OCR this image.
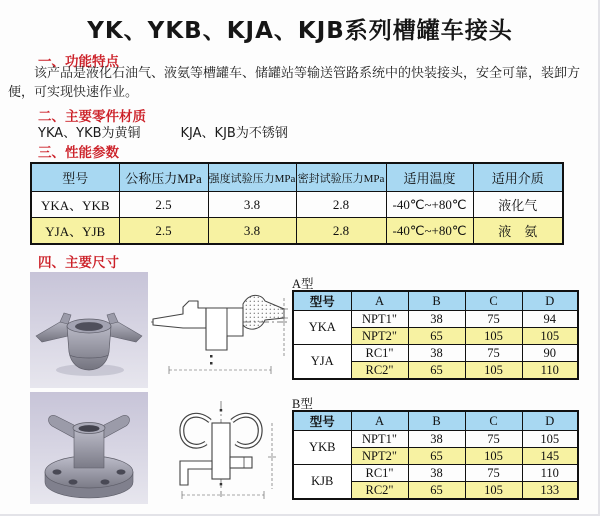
YK、YKB、KJA、KJB系列槽罐车接头
一、功能特点
该产品是液化石油气、液氨等槽罐车、储罐站等输送管路系统中的快装接头，安全可靠，装卸方便，可实现快速作业。
二、主要零件材质
YKA、YKB为黄铜	KJA、KJB为不锈钢
三、性能参数
型号	公称压力MPa	强度试验压力MPa	密封试验压力MPa	适用温度	适用介质
YKA、YKB	2.5	3.8	2.8	-40℃~+80℃	液化气
YJA、YJB	2.5	3.8	2.8	-40℃~+80℃	液　氨
四、主要尺寸
A型
型号	A	B	C	D
YKA	NPT1"	38	75	94
	NPT2"	65	105	105
YJA	RC1"	38	75	90
	RC2"	65	105	110
B型
型号	A	B	C	D
YKB	NPT1"	38	75	105
	NPT2"	65	105	145
KJB	RC1"	38	75	110
	RC2"	65	105	133
